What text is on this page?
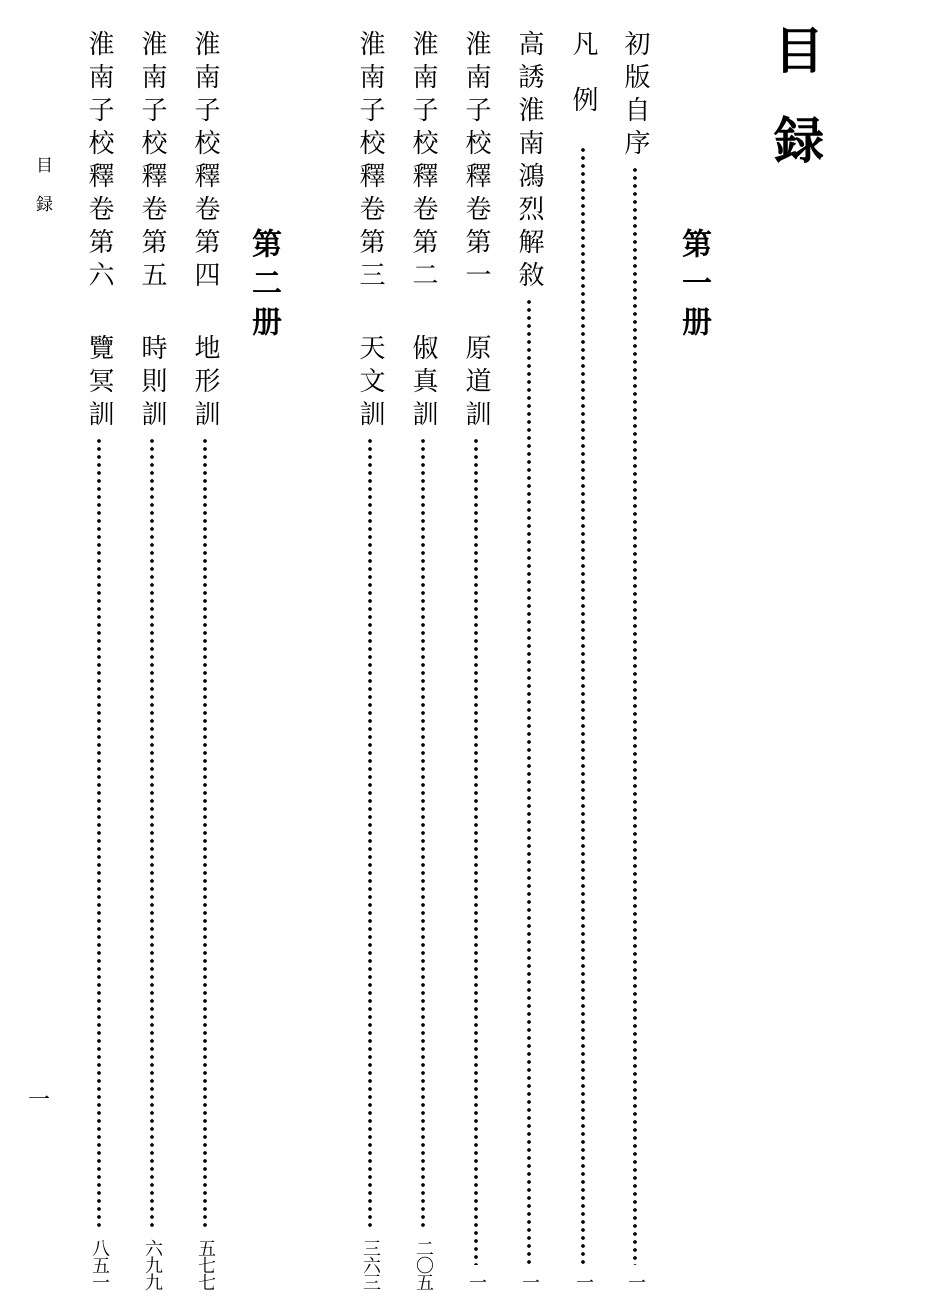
目録
第一册
初版自序
一
凡例
一
高誘淮南鴻烈解敘
一
淮南子校釋卷第一
原道訓
一
淮南子校釋卷第二
俶真訓
二〇五
淮南子校釋卷第三
天文訓
三六三
第二册
淮南子校釋卷第四
地形訓
五七七
淮南子校釋卷第五
時則訓
六九九
淮南子校釋卷第六
覽冥訓
八五一
目録
一
